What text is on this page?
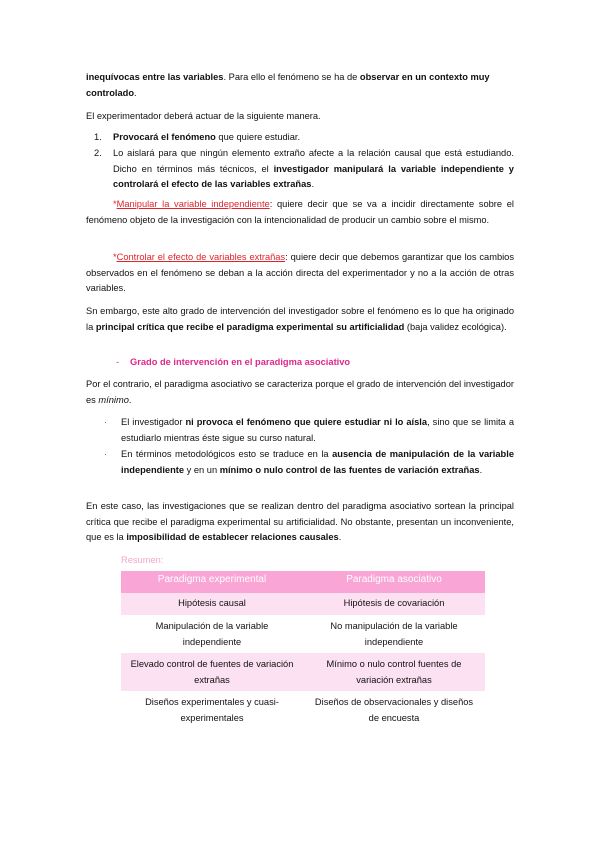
inequívocas entre las variables. Para ello el fenómeno se ha de observar en un contexto muy controlado.

El experimentador deberá actuar de la siguiente manera.

1. Provocará el fenómeno que quiere estudiar.
2. Lo aislará para que ningún elemento extraño afecte a la relación causal que está estudiando. Dicho en términos más técnicos, el investigador manipulará la variable independiente y controlará el efecto de las variables extrañas.

*Manipular la variable independiente: quiere decir que se va a incidir directamente sobre el fenómeno objeto de la investigación con la intencionalidad de producir un cambio sobre el mismo.

*Controlar el efecto de variables extrañas: quiere decir que debemos garantizar que los cambios observados en el fenómeno se deban a la acción directa del experimentador y no a la acción de otras variables.

Sn embargo, este alto grado de intervención del investigador sobre el fenómeno es lo que ha originado la principal crítica que recibe el paradigma experimental su artificialidad (baja validez ecológica).

- Grado de intervención en el paradigma asociativo

Por el contrario, el paradigma asociativo se caracteriza porque el grado de intervención del investigador es mínimo.

· El investigador ni provoca el fenómeno que quiere estudiar ni lo aísla, sino que se limita a estudiarlo mientras éste sigue su curso natural.
· En términos metodológicos esto se traduce en la ausencia de manipulación de la variable independiente y en un mínimo o nulo control de las fuentes de variación extrañas.

En este caso, las investigaciones que se realizan dentro del paradigma asociativo sortean la principal crítica que recibe el paradigma experimental su artificialidad. No obstante, presentan un inconveniente, que es la imposibilidad de establecer relaciones causales.

Resumen:
Paradigma experimental	Paradigma asociativo
Hipótesis causal	Hipótesis de covariación
Manipulación de la variable independiente	No manipulación de la variable independiente
Elevado control de fuentes de variación extrañas	Mínimo o nulo control fuentes de variación extrañas
Diseños experimentales y cuasi-experimentales	Diseños de observacionales y diseños de encuesta
